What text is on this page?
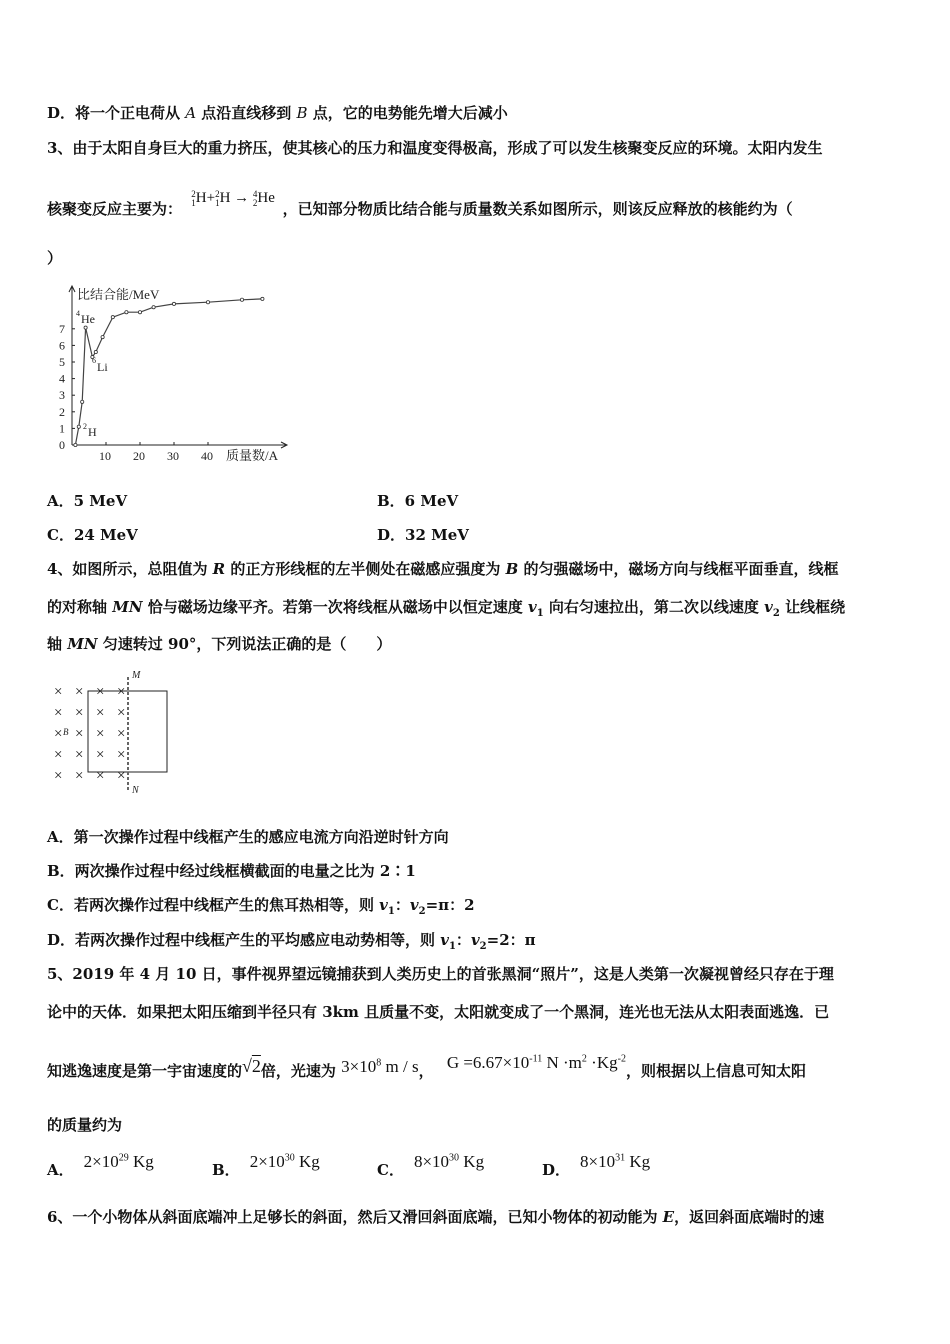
D．将一个正电荷从 A 点沿直线移到 B 点，它的电势能先增大后减小
3、由于太阳自身巨大的重力挤压，使其核心的压力和温度变得极高，形成了可以发生核聚变反应的环境。太阳内发生
核聚变反应主要为：
2
1 H+ 2
1 H → 4
2 He ，已知部分物质比结合能与质量数关系如图所示，则该反应释放的核能约为（
）
0
1
2
3
4
5
6
7
10 20 30 40
比结合能/MeV
质量数/A
4 He
6 Li
2 H
A．5 MeV	B．6 MeV
C．24 MeV	D．32 MeV
4、如图所示，总阻值为 R 的正方形线框的左半侧处在磁感应强度为 B 的匀强磁场中，磁场方向与线框平面垂直，线框
的对称轴 MN 恰与磁场边缘平齐。若第一次将线框从磁场中以恒定速度 $v_1$ 向右匀速拉出，第二次以线速度 $v_2$ 让线框绕
轴 MN 匀速转过 90°，下列说法正确的是（　　）
× × × ×
× × × ×
× × × ×
× × × ×
× × × ×
M
N
B
A．第一次操作过程中线框产生的感应电流方向沿逆时针方向
B．两次操作过程中经过线框横截面的电量之比为 2∶1
C．若两次操作过程中线框产生的焦耳热相等，则 $v_1$：$v_2=\pi$：2
D．若两次操作过程中线框产生的平均感应电动势相等，则 $v_1$：$v_2=2$：π
5、2019 年 4 月 10 日，事件视界望远镜捕获到人类历史上的首张黑洞“照片”，这是人类第一次凝视曾经只存在于理
论中的天体．如果把太阳压缩到半径只有 3km 且质量不变，太阳就变成了一个黑洞，连光也无法从太阳表面逃逸．已
知逃逸速度是第一宇宙速度的√2倍，光速为 $3\times 10^8$ m / s， $G =6.67\times 10^{-11}$ $N \cdot m^2 \cdot Kg^{-2}$，则根据以上信息可知太阳
的质量约为
A． $2\times 10^{29}$ Kg	B． $2\times 10^{30}$ Kg	C． $8\times 10^{30}$ Kg	D． $8\times 10^{31}$ Kg
6、一个小物体从斜面底端冲上足够长的斜面，然后又滑回斜面底端，已知小物体的初动能为 E，返回斜面底端时的速
